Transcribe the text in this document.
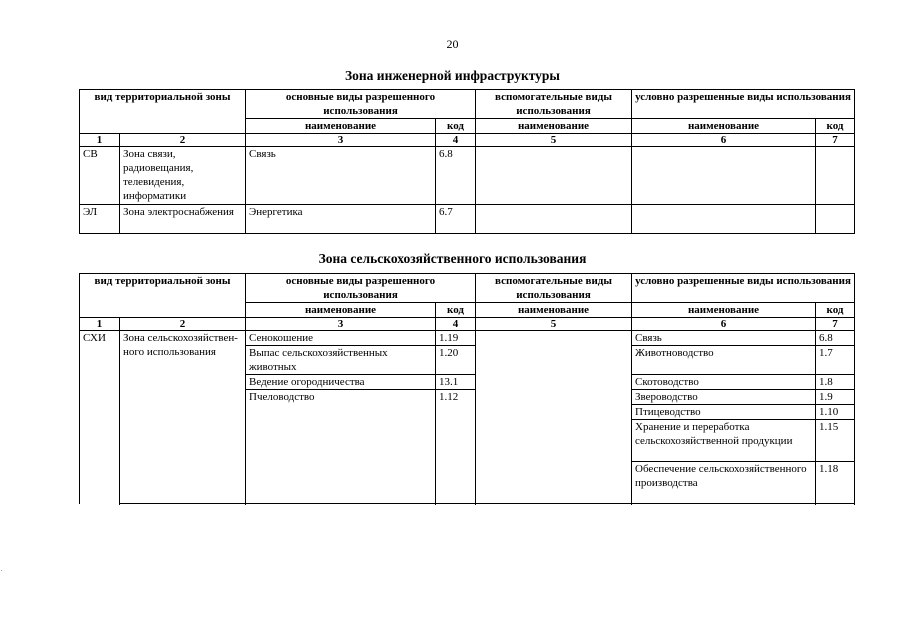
20
Зона инженерной инфраструктуры
вид территориальной зоны		основные виды разрешенного использования		вспомогательные виды использования	условно разрешенные виды использования	
		наименование	код	наименование	наименование	код
1	2	3	4	5	6	7
СВ	Зона связи, радиовещания, телевидения, информатики	Связь	6.8			
ЭЛ	Зона электроснабжения	Энергетика	6.7			
Зона сельскохозяйственного использования
вид территориальной зоны		основные виды разрешенного использования		вспомогательные виды использования	условно разрешенные виды использования	
		наименование	код	наименование	наименование	код
1	2	3	4	5	6	7
СХИ	Зона сельскохозяйствен-ного использования	Сенокошение	1.19		Связь	6.8
		Выпас сельскохозяйственных животных	1.20		Животноводство	1.7
		Ведение огородничества	13.1		Скотоводство	1.8
		Пчеловодство	1.12		Звероводство	1.9
					Птицеводство	1.10
					Хранение и переработка сельскохозяйственной продукции	1.15

					Обеспечение сельскохозяйственного производства	1.18

.
